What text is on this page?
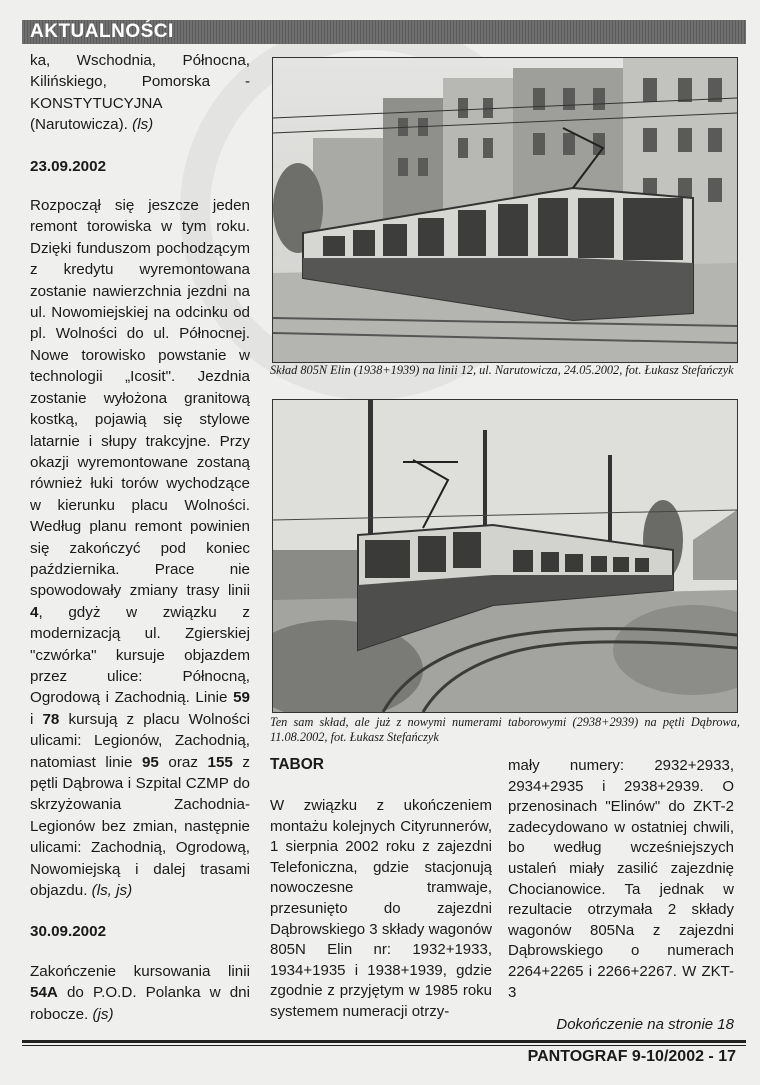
AKTUALNOŚCI

ka, Wschodnia, Północna, Kilińskiego, Pomorska - KONSTYTUCYJNA (Narutowicza). (ls)

23.09.2002

Rozpoczął się jeszcze jeden remont torowiska w tym roku. Dzięki funduszom pochodzącym z kredytu wyremontowana zostanie nawierzchnia jezdni na ul. Nowomiejskiej na odcinku od pl. Wolności do ul. Północnej. Nowe torowisko powstanie w technologii „Icosit". Jezdnia zostanie wyłożona granitową kostką, pojawią się stylowe latarnie i słupy trakcyjne. Przy okazji wyremontowane zostaną również łuki torów wychodzące w kierunku placu Wolności. Według planu remont powinien się zakończyć pod koniec października. Prace nie spowodowały zmiany trasy linii 4, gdyż w związku z modernizacją ul. Zgierskiej "czwórka" kursuje objazdem przez ulice: Północną, Ogrodową i Zachodnią. Linie 59 i 78 kursują z placu Wolności ulicami: Legionów, Zachodnią, natomiast linie 95 oraz 155 z pętli Dąbrowa i Szpital CZMP do skrzyżowania Zachodnia-Legionów bez zmian, następnie ulicami: Zachodnią, Ogrodową, Nowomiejską i dalej trasami objazdu. (ls, js)

30.09.2002

Zakończenie kursowania linii 54A do P.O.D. Polanka w dni robocze. (js)

Skład 805N Elin (1938+1939) na linii 12, ul. Narutowicza, 24.05.2002, fot. Łukasz Stefańczyk
Ten sam skład, ale już z nowymi numerami taborowymi (2938+2939) na pętli Dąbrowa, 11.08.2002, fot. Łukasz Stefańczyk
TABOR

W związku z ukończeniem montażu kolejnych Cityrunnerów, 1 sierpnia 2002 roku z zajezdni Telefoniczna, gdzie stacjonują nowoczesne tramwaje, przesunięto do zajezdni Dąbrowskiego 3 składy wagonów 805N Elin nr: 1932+1933, 1934+1935 i 1938+1939, gdzie zgodnie z przyjętym w 1985 roku systemem numeracji otrzy-

mały numery: 2932+2933, 2934+2935 i 2938+2939. O przenosinach "Elinów" do ZKT-2 zadecydowano w ostatniej chwili, bo według wcześniejszych ustaleń miały zasilić zajezdnię Chocianowice. Ta jednak w rezultacie otrzymała 2 składy wagonów 805Na z zajezdni Dąbrowskiego o numerach 2264+2265 i 2266+2267. W ZKT-3

Dokończenie na stronie 18
PANTOGRAF 9-10/2002 - 17
